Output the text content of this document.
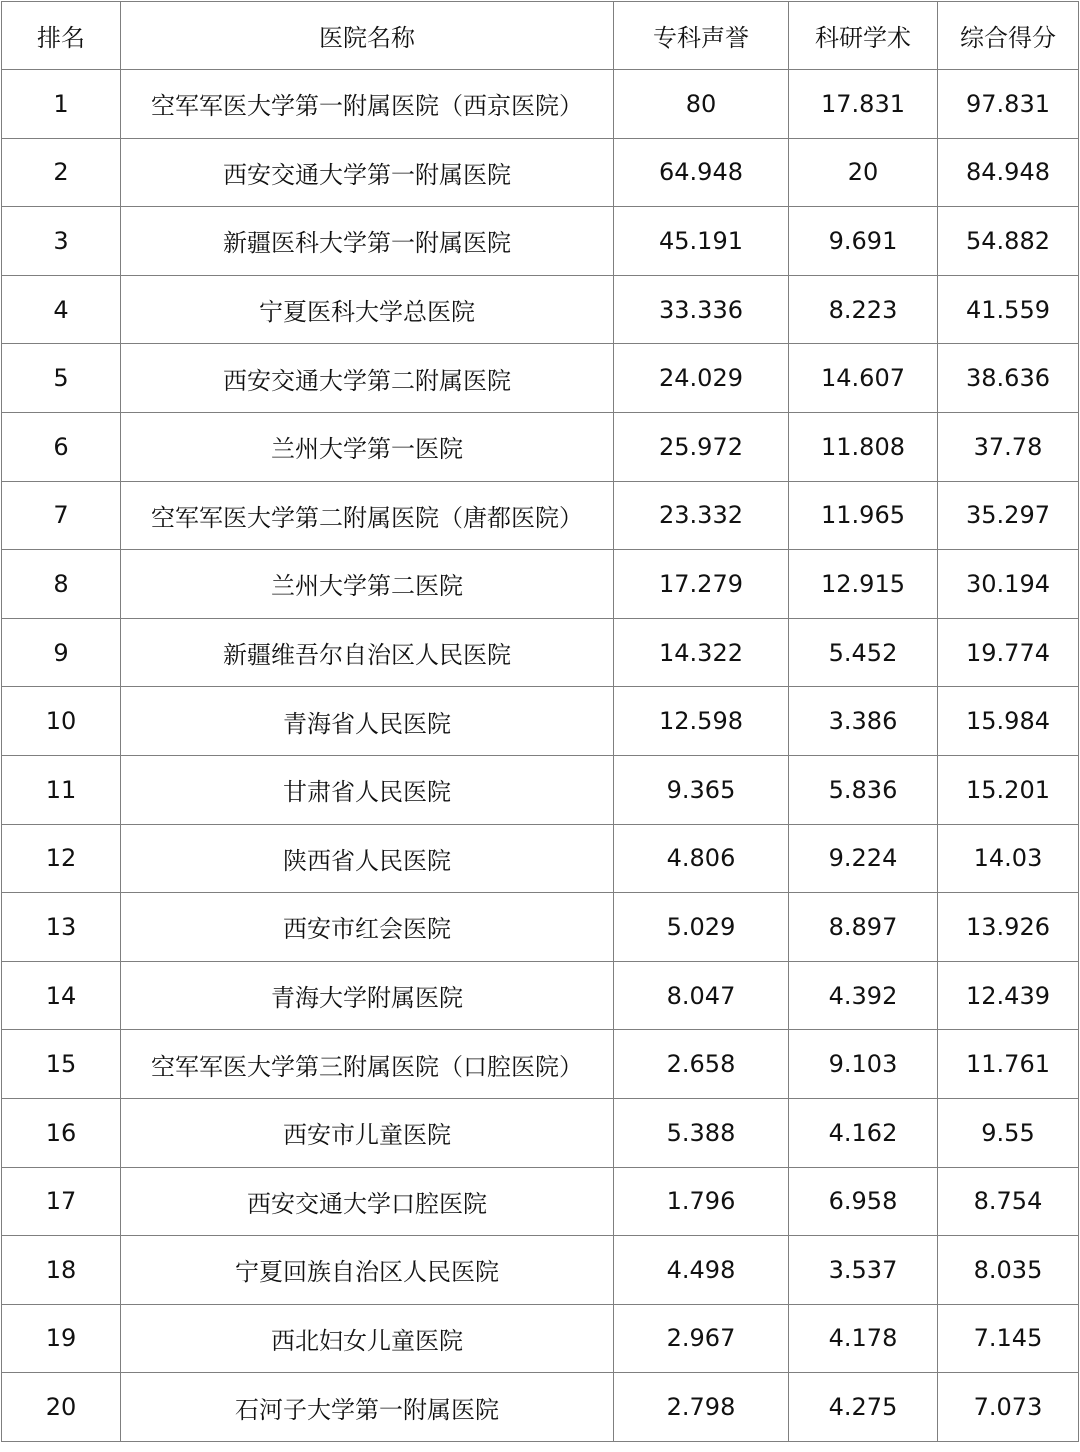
排名	医院名称	专科声誉	科研学术	综合得分
1	空军军医大学第一附属医院（西京医院）	80	17.831	97.831
2	西安交通大学第一附属医院	64.948	20	84.948
3	新疆医科大学第一附属医院	45.191	9.691	54.882
4	宁夏医科大学总医院	33.336	8.223	41.559
5	西安交通大学第二附属医院	24.029	14.607	38.636
6	兰州大学第一医院	25.972	11.808	37.78
7	空军军医大学第二附属医院（唐都医院）	23.332	11.965	35.297
8	兰州大学第二医院	17.279	12.915	30.194
9	新疆维吾尔自治区人民医院	14.322	5.452	19.774
10	青海省人民医院	12.598	3.386	15.984
11	甘肃省人民医院	9.365	5.836	15.201
12	陕西省人民医院	4.806	9.224	14.03
13	西安市红会医院	5.029	8.897	13.926
14	青海大学附属医院	8.047	4.392	12.439
15	空军军医大学第三附属医院（口腔医院）	2.658	9.103	11.761
16	西安市儿童医院	5.388	4.162	9.55
17	西安交通大学口腔医院	1.796	6.958	8.754
18	宁夏回族自治区人民医院	4.498	3.537	8.035
19	西北妇女儿童医院	2.967	4.178	7.145
20	石河子大学第一附属医院	2.798	4.275	7.073
